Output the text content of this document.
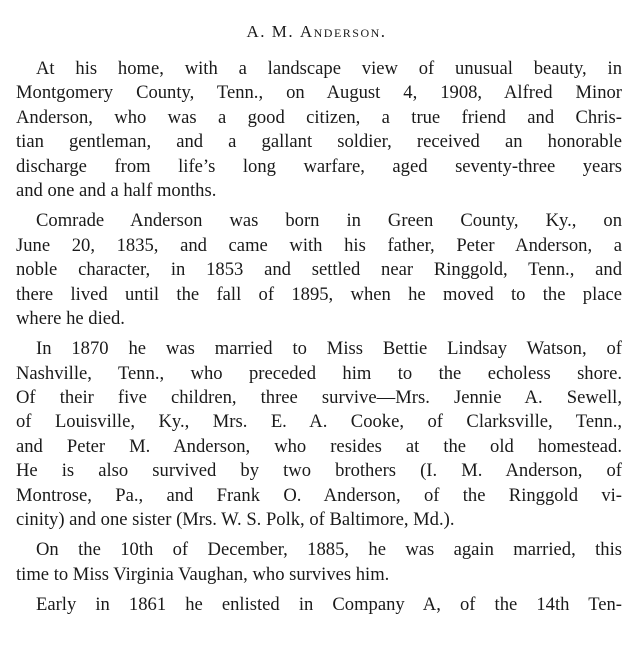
A. M. Anderson.
At his home, with a landscape view of unusual beauty, in
Montgomery County, Tenn., on August 4, 1908, Alfred Minor
Anderson, who was a good citizen, a true friend and Chris-
tian gentleman, and a gallant soldier, received an honorable
discharge from life’s long warfare, aged seventy-three years
and one and a half months.
Comrade Anderson was born in Green County, Ky., on
June 20, 1835, and came with his father, Peter Anderson, a
noble character, in 1853 and settled near Ringgold, Tenn., and
there lived until the fall of 1895, when he moved to the place
where he died.
In 1870 he was married to Miss Bettie Lindsay Watson, of
Nashville, Tenn., who preceded him to the echoless shore.
Of their five children, three survive—Mrs. Jennie A. Sewell,
of Louisville, Ky., Mrs. E. A. Cooke, of Clarksville, Tenn.,
and Peter M. Anderson, who resides at the old homestead.
He is also survived by two brothers (I. M. Anderson, of
Montrose, Pa., and Frank O. Anderson, of the Ringgold vi-
cinity) and one sister (Mrs. W. S. Polk, of Baltimore, Md.).
On the 10th of December, 1885, he was again married, this
time to Miss Virginia Vaughan, who survives him.
Early in 1861 he enlisted in Company A, of the 14th Ten-
